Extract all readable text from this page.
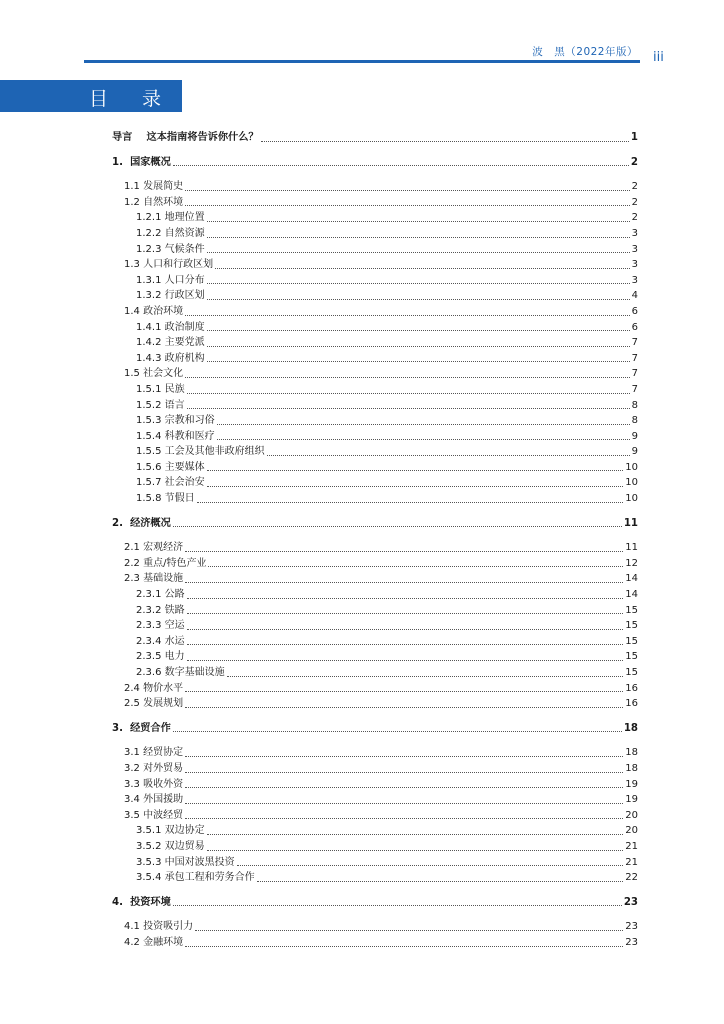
波　黑（2022年版） iii
目 录
导言 这本指南将告诉你什么？	1
1. 国家概况	2
1.1 发展简史	2
1.2 自然环境	2
1.2.1 地理位置	2
1.2.2 自然资源	3
1.2.3 气候条件	3
1.3 人口和行政区划	3
1.3.1 人口分布	3
1.3.2 行政区划	4
1.4 政治环境	6
1.4.1 政治制度	6
1.4.2 主要党派	7
1.4.3 政府机构	7
1.5 社会文化	7
1.5.1 民族	7
1.5.2 语言	8
1.5.3 宗教和习俗	8
1.5.4 科教和医疗	9
1.5.5 工会及其他非政府组织	9
1.5.6 主要媒体	10
1.5.7 社会治安	10
1.5.8 节假日	10
2. 经济概况	11
2.1 宏观经济	11
2.2 重点/特色产业	12
2.3 基础设施	14
2.3.1 公路	14
2.3.2 铁路	15
2.3.3 空运	15
2.3.4 水运	15
2.3.5 电力	15
2.3.6 数字基础设施	15
2.4 物价水平	16
2.5 发展规划	16
3. 经贸合作	18
3.1 经贸协定	18
3.2 对外贸易	18
3.3 吸收外资	19
3.4 外国援助	19
3.5 中波经贸	20
3.5.1 双边协定	20
3.5.2 双边贸易	21
3.5.3 中国对波黑投资	21
3.5.4 承包工程和劳务合作	22
4. 投资环境	23
4.1 投资吸引力	23
4.2 金融环境	23
